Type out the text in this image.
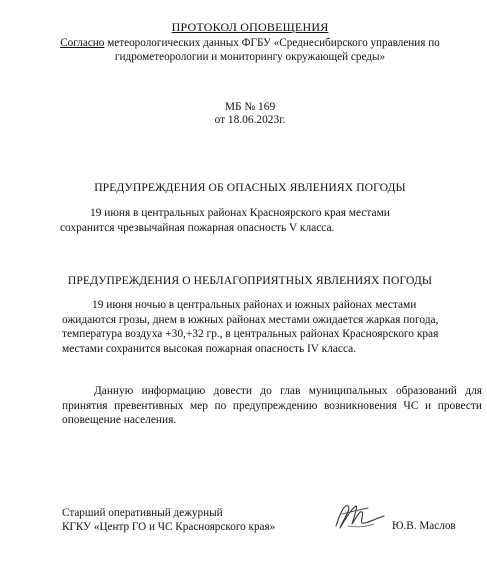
ПРОТОКОЛ ОПОВЕЩЕНИЯ
Согласно метеорологических данных ФГБУ «Среднесибирского управления по
гидрометеорологии и мониторингу окружающей среды»
МБ № 169
от 18.06.2023г.
ПРЕДУПРЕЖДЕНИЯ ОБ ОПАСНЫХ ЯВЛЕНИЯХ ПОГОДЫ
19 июня в центральных районах Красноярского края местами
сохранится чрезвычайная пожарная опасность V класса.
ПРЕДУПРЕЖДЕНИЯ О НЕБЛАГОПРИЯТНЫХ ЯВЛЕНИЯХ ПОГОДЫ
19 июня ночью в центральных районах и южных районах местами
ожидаются грозы, днем в южных районах местами ожидается жаркая погода,
температура воздуха +30,+32 гр., в центральных районах Красноярского края
местами сохранится высокая пожарная опасность IV класса.
Данную информацию довести до глав муниципальных образований для
принятия превентивных мер по предупреждению возникновения ЧС и провести
оповещение населения.
Старший оперативный дежурный
КГКУ «Центр ГО и ЧС Красноярского края»	Ю.В. Маслов
